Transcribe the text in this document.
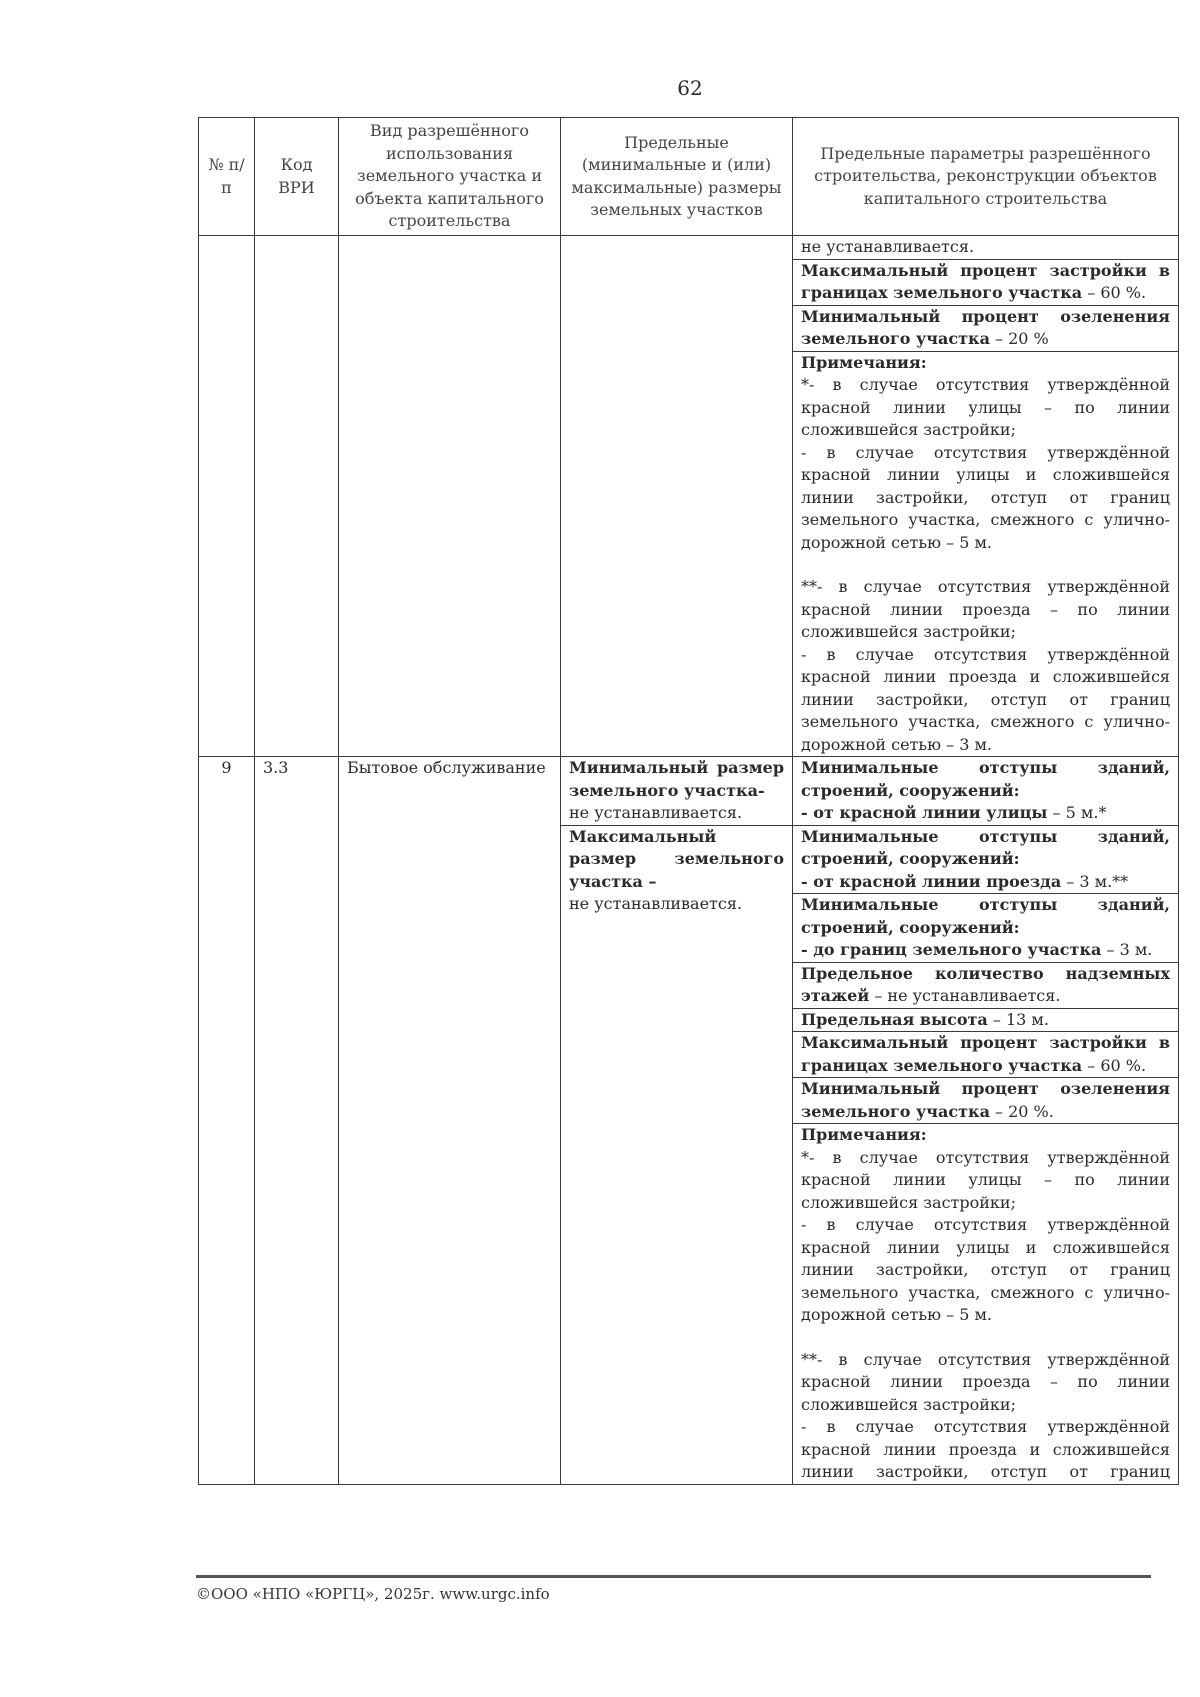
62
№ п/п	Код ВРИ	Вид разрешённого использования земельного участка и объекта капитального строительства	Предельные (минимальные и (или) максимальные) размеры земельных участков	Предельные параметры разрешённого строительства, реконструкции объектов капитального строительства

				не устанавливается.

				Максимальный процент застройки в границах земельного участка – 60 %.
				Минимальный процент озеленения земельного участка – 20 %

				Примечания:

*- в случае отсутствия утверждённой красной линии улицы – по линии сложившейся застройки;

- в случае отсутствия утверждённой красной линии улицы и сложившейся линии застройки, отступ от границ земельного участка, смежного с улично-дорожной сетью – 5 м.

**- в случае отсутствия утверждённой красной линии проезда – по линии сложившейся застройки;

- в случае отсутствия утверждённой красной линии проезда и сложившейся линии застройки, отступ от границ земельного участка, смежного с улично-дорожной сетью – 3 м.

9	3.3	Бытовое обслуживание	Минимальный размер земельного участка-
не устанавливается.	Минимальные отступы зданий, строений, сооружений:
- от красной линии улицы – 5 м.*

			Максимальный размер земельного участка –
не устанавливается.	Минимальные отступы зданий, строений, сооружений:
- от красной линии проезда – 3 м.**

				Минимальные отступы зданий, строений, сооружений:
- до границ земельного участка – 3 м.
				Предельное количество надземных этажей – не устанавливается.
				Предельная высота – 13 м.
				Максимальный процент застройки в границах земельного участка – 60 %.
				Минимальный процент озеленения земельного участка – 20 %.

				Примечания:

*- в случае отсутствия утверждённой красной линии улицы – по линии сложившейся застройки;

- в случае отсутствия утверждённой красной линии улицы и сложившейся линии застройки, отступ от границ земельного участка, смежного с улично-дорожной сетью – 5 м.

**- в случае отсутствия утверждённой красной линии проезда – по линии сложившейся застройки;

- в случае отсутствия утверждённой красной линии проезда и сложившейся линии застройки, отступ от границ

©ООО «НПО «ЮРГЦ», 2025г. www.urgc.info
